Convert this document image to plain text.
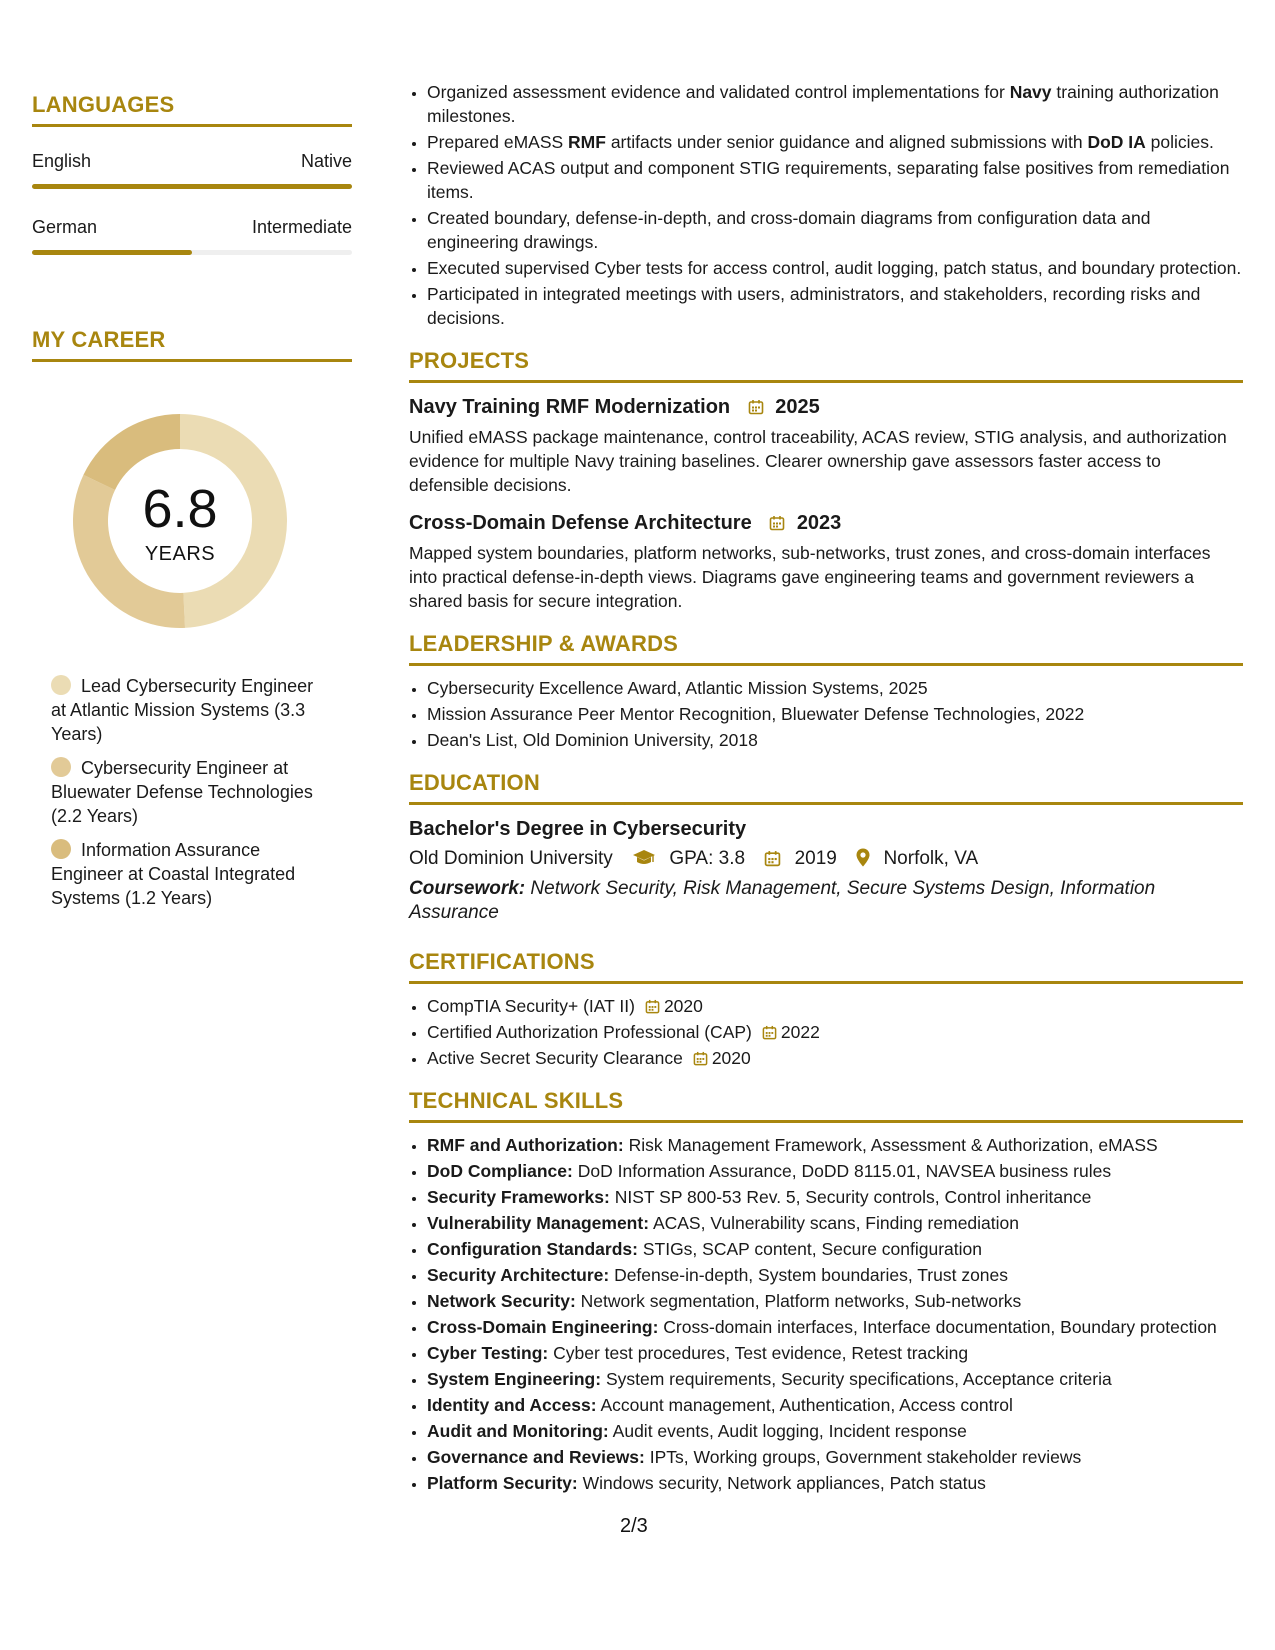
LANGUAGES
English	Native
German	Intermediate
MY CAREER
6.8
YEARS
Lead Cybersecurity Engineer at Atlantic Mission Systems (3.3 Years)
Cybersecurity Engineer at Bluewater Defense Technologies (2.2 Years)
Information Assurance Engineer at Coastal Integrated Systems (1.2 Years)
• Organized assessment evidence and validated control implementations for Navy training authorization milestones.
• Prepared eMASS RMF artifacts under senior guidance and aligned submissions with DoD IA policies.
• Reviewed ACAS output and component STIG requirements, separating false positives from remediation items.
• Created boundary, defense-in-depth, and cross-domain diagrams from configuration data and engineering drawings.
• Executed supervised Cyber tests for access control, audit logging, patch status, and boundary protection.
• Participated in integrated meetings with users, administrators, and stakeholders, recording risks and decisions.
PROJECTS
Navy Training RMF Modernization 2025
Unified eMASS package maintenance, control traceability, ACAS review, STIG analysis, and authorization evidence for multiple Navy training baselines. Clearer ownership gave assessors faster access to defensible decisions.
Cross-Domain Defense Architecture 2023
Mapped system boundaries, platform networks, sub-networks, trust zones, and cross-domain interfaces into practical defense-in-depth views. Diagrams gave engineering teams and government reviewers a shared basis for secure integration.
LEADERSHIP & AWARDS
• Cybersecurity Excellence Award, Atlantic Mission Systems, 2025
• Mission Assurance Peer Mentor Recognition, Bluewater Defense Technologies, 2022
• Dean's List, Old Dominion University, 2018
EDUCATION
Bachelor's Degree in Cybersecurity
Old Dominion University	GPA: 3.8	2019 Norfolk, VA
Coursework: Network Security, Risk Management, Secure Systems Design, Information Assurance
CERTIFICATIONS
• CompTIA Security+ (IAT II) 2020
• Certified Authorization Professional (CAP) 2022
• Active Secret Security Clearance 2020
TECHNICAL SKILLS
• RMF and Authorization: Risk Management Framework, Assessment & Authorization, eMASS
• DoD Compliance: DoD Information Assurance, DoDD 8115.01, NAVSEA business rules
• Security Frameworks: NIST SP 800-53 Rev. 5, Security controls, Control inheritance
• Vulnerability Management: ACAS, Vulnerability scans, Finding remediation
• Configuration Standards: STIGs, SCAP content, Secure configuration
• Security Architecture: Defense-in-depth, System boundaries, Trust zones
• Network Security: Network segmentation, Platform networks, Sub-networks
• Cross-Domain Engineering: Cross-domain interfaces, Interface documentation, Boundary protection
• Cyber Testing: Cyber test procedures, Test evidence, Retest tracking
• System Engineering: System requirements, Security specifications, Acceptance criteria
• Identity and Access: Account management, Authentication, Access control
• Audit and Monitoring: Audit events, Audit logging, Incident response
• Governance and Reviews: IPTs, Working groups, Government stakeholder reviews
• Platform Security: Windows security, Network appliances, Patch status
2/3
